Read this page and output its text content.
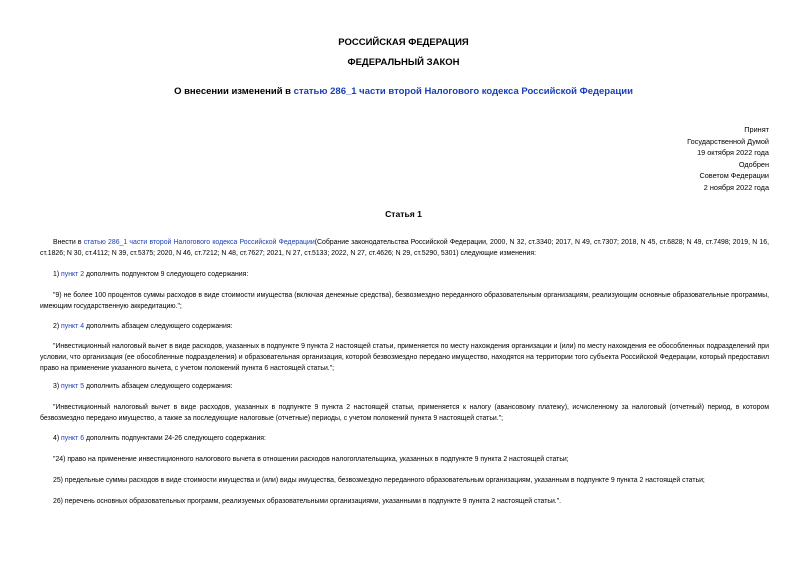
РОССИЙСКАЯ ФЕДЕРАЦИЯ
ФЕДЕРАЛЬНЫЙ ЗАКОН
О внесении изменений в статью 286_1 части второй Налогового кодекса Российской Федерации
Принят
Государственной Думой
19 октября 2022 года
Одобрен
Советом Федерации
2 ноября 2022 года
Статья 1
Внести в статью 286_1 части второй Налогового кодекса Российской Федерации(Собрание законодательства Российской Федерации, 2000, N 32, ст.3340; 2017, N 49, ст.7307; 2018, N 45, ст.6828; N 49, ст.7498; 2019, N 16, ст.1826; N 30, ст.4112; N 39, ст.5375; 2020, N 46, ст.7212; N 48, ст.7627; 2021, N 27, ст.5133; 2022, N 27, ст.4626; N 29, ст.5290, 5301) следующие изменения:
1) пункт 2 дополнить подпунктом 9 следующего содержания:
"9) не более 100 процентов суммы расходов в виде стоимости имущества (включая денежные средства), безвозмездно переданного образовательным организациям, реализующим основные образовательные программы, имеющим государственную аккредитацию.";
2) пункт 4 дополнить абзацем следующего содержания:
"Инвестиционный налоговый вычет в виде расходов, указанных в подпункте 9 пункта 2 настоящей статьи, применяется по месту нахождения организации и (или) по месту нахождения ее обособленных подразделений при условии, что организация (ее обособленные подразделения) и образовательная организация, которой безвозмездно передано имущество, находятся на территории того субъекта Российской Федерации, который предоставил право на применение указанного вычета, с учетом положений пункта 6 настоящей статьи.";
3) пункт 5 дополнить абзацем следующего содержания:
"Инвестиционный налоговый вычет в виде расходов, указанных в подпункте 9 пункта 2 настоящей статьи, применяется к налогу (авансовому платежу), исчисленному за налоговый (отчетный) период, в котором безвозмездно передано имущество, а также за последующие налоговые (отчетные) периоды, с учетом положений пункта 9 настоящей статьи.";
4) пункт 6 дополнить подпунктами 24-26 следующего содержания:
"24) право на применение инвестиционного налогового вычета в отношении расходов налогоплательщика, указанных в подпункте 9 пункта 2 настоящей статьи;
25) предельные суммы расходов в виде стоимости имущества и (или) виды имущества, безвозмездно переданного образовательным организациям, указанным в подпункте 9 пункта 2 настоящей статьи;
26) перечень основных образовательных программ, реализуемых образовательными организациями, указанными в подпункте 9 пункта 2 настоящей статьи.".
